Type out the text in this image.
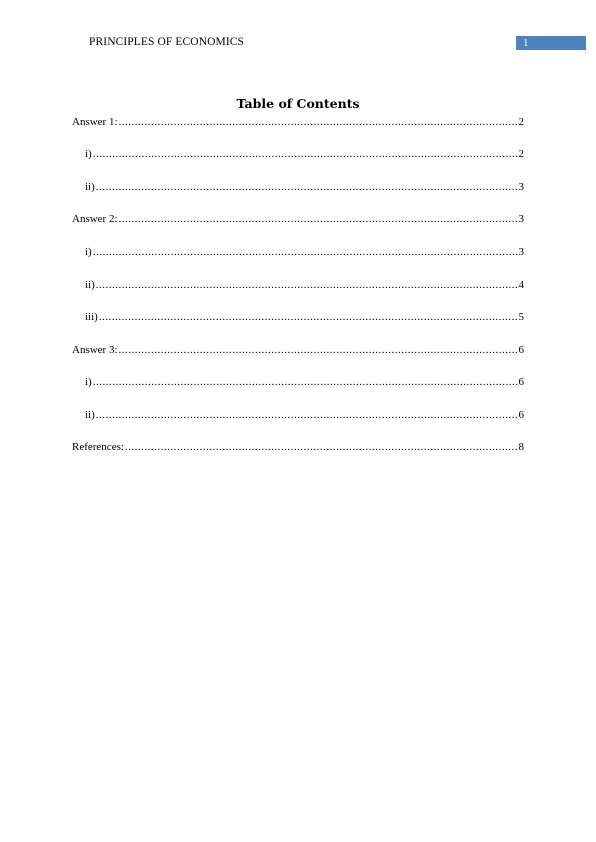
PRINCIPLES OF ECONOMICS	1
Table of Contents
Answer 1: .....	2
i) .....	2
ii) .....	3
Answer 2: .....	3
i) .....	3
ii) .....	4
iii) .....	5
Answer 3: .....	6
i) .....	6
ii) .....	6
References: .....	8
